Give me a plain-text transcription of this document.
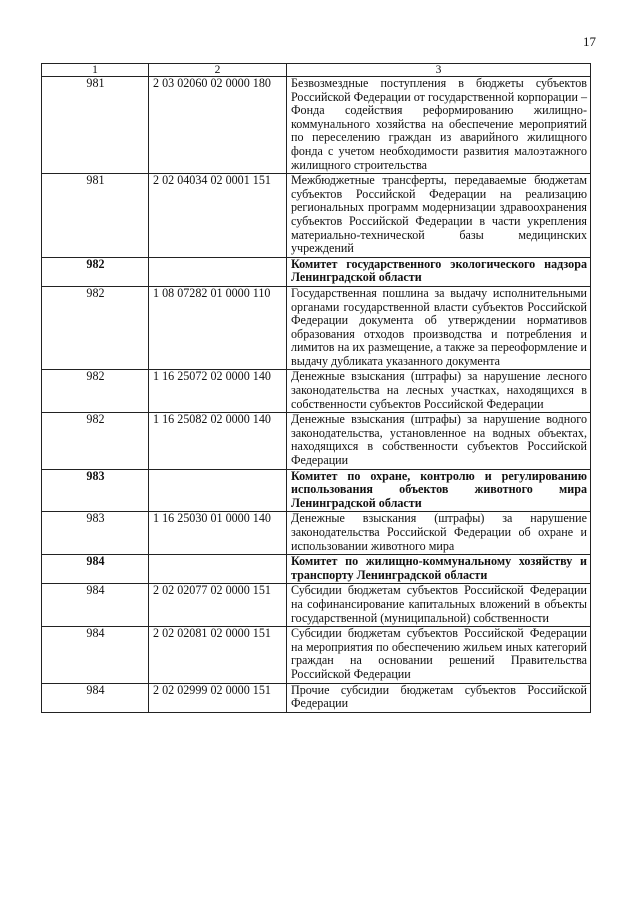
17
1	2	3
981	2 03 02060 02 0000 180	Безвозмездные поступления в бюджеты субъектов Российской Федерации от государственной корпорации – Фонда содействия реформированию жилищно-коммунального хозяйства на обеспечение мероприятий по переселению граждан из аварийного жилищного фонда с учетом необходимости развития малоэтажного жилищного строительства
981	2 02 04034 02 0001 151	Межбюджетные трансферты, передаваемые бюджетам субъектов Российской Федерации на реализацию региональных программ модернизации здравоохранения субъектов Российской Федерации в части укрепления материально-технической базы медицинских учреждений
982		Комитет государственного экологического надзора Ленинградской области
982	1 08 07282 01 0000 110	Государственная пошлина за выдачу исполнительными органами государственной власти субъектов Российской Федерации документа об утверждении нормативов образования отходов производства и потребления и лимитов на их размещение, а также за переоформление и выдачу дубликата указанного документа
982	1 16 25072 02 0000 140	Денежные взыскания (штрафы) за нарушение лесного законодательства на лесных участках, находящихся в собственности субъектов Российской Федерации
982	1 16 25082 02 0000 140	Денежные взыскания (штрафы) за нарушение водного законодательства, установленное на водных объектах, находящихся в собственности субъектов Российской Федерации
983		Комитет по охране, контролю и регулированию использования объектов животного мира Ленинградской области
983	1 16 25030 01 0000 140	Денежные взыскания (штрафы) за нарушение законодательства Российской Федерации об охране и использовании животного мира
984		Комитет по жилищно-коммунальному хозяйству и транспорту Ленинградской области
984	2 02 02077 02 0000 151	Субсидии бюджетам субъектов Российской Федерации на софинансирование капитальных вложений в объекты государственной (муниципальной) собственности
984	2 02 02081 02 0000 151	Субсидии бюджетам субъектов Российской Федерации на мероприятия по обеспечению жильем иных категорий граждан на основании решений Правительства Российской Федерации
984	2 02 02999 02 0000 151	Прочие субсидии бюджетам субъектов Российской Федерации
